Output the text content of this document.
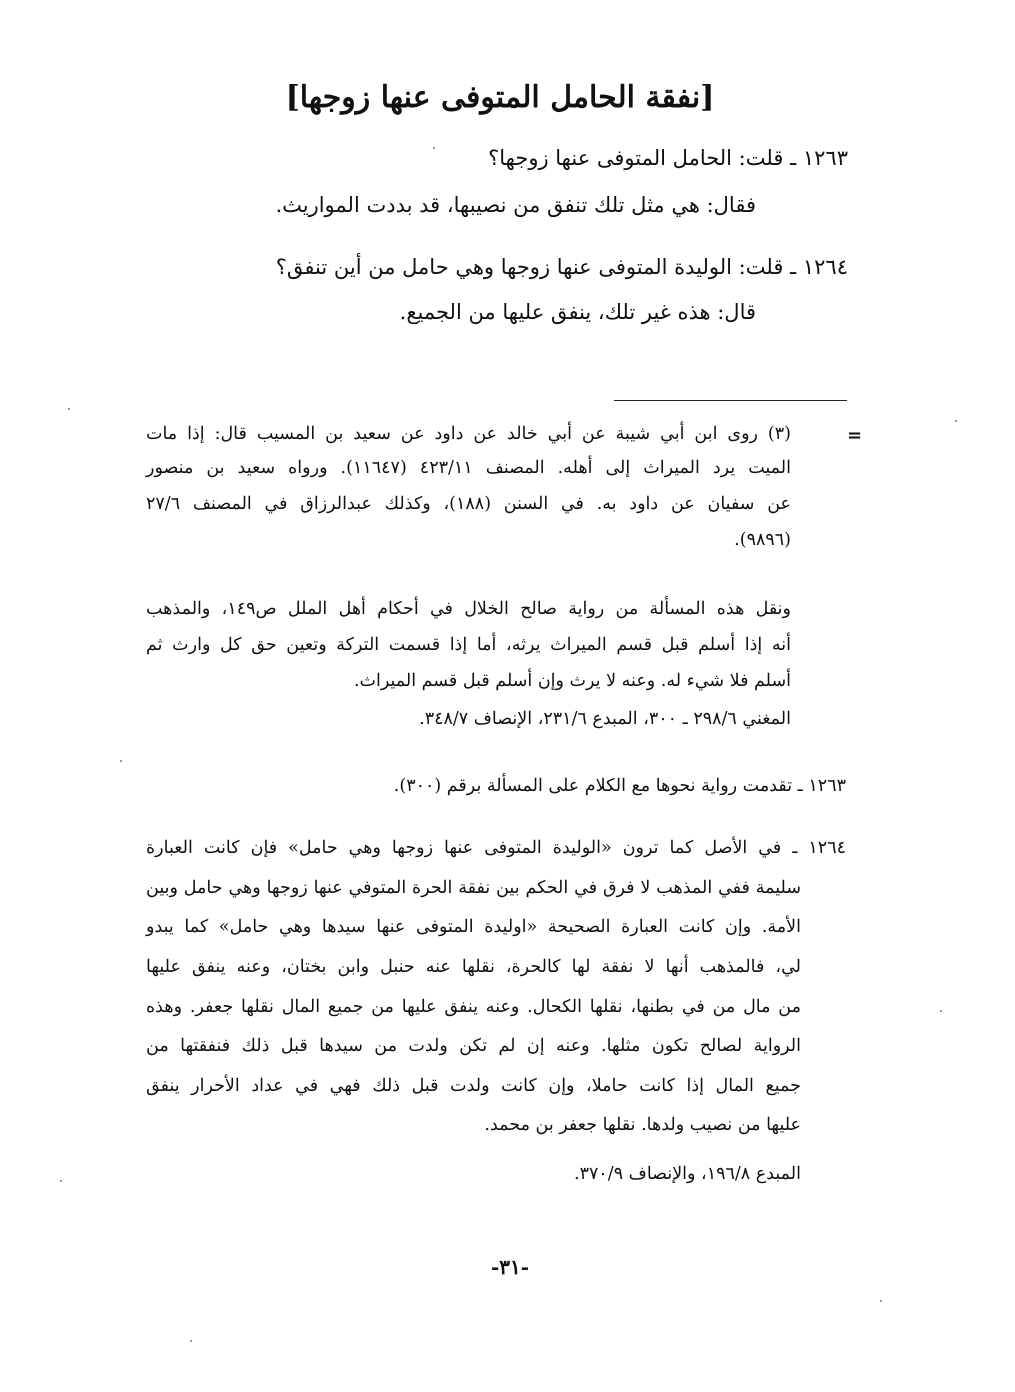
[نفقة الحامل المتوفى عنها زوجها]
١٢٦٣ ـ قلت: الحامل المتوفى عنها زوجها؟
فقال: هي مثل تلك تنفق من نصيبها، قد بددت المواريث.
١٢٦٤ ـ قلت: الوليدة المتوفى عنها زوجها وهي حامل من أين تنفق؟
قال: هذه غير تلك، ينفق عليها من الجميع.
=
(٣) روى ابن أبي شيبة عن أبي خالد عن داود عن سعيد بن المسيب قال: إذا مات
الميت يرد الميراث إلى أهله. المصنف ٤٢٣/١١ (١١٦٤٧). ورواه سعيد بن منصور
عن سفيان عن داود به. في السنن (١٨٨)، وكذلك عبدالرزاق في المصنف ٢٧/٦
(٩٨٩٦).
ونقل هذه المسألة من رواية صالح الخلال في أحكام أهل الملل ص١٤٩، والمذهب
أنه إذا أسلم قبل قسم الميراث يرثه، أما إذا قسمت التركة وتعين حق كل وارث ثم
أسلم فلا شيء له. وعنه لا يرث وإن أسلم قبل قسم الميراث.
المغني ٢٩٨/٦ ـ ٣٠٠، المبدع ٢٣١/٦، الإنصاف ٣٤٨/٧.
١٢٦٣ ـ تقدمت رواية نحوها مع الكلام على المسألة برقم (٣٠٠).
١٢٦٤ ـ في الأصل كما ترون «الوليدة المتوفى عنها زوجها وهي حامل» فإن كانت العبارة
سليمة ففي المذهب لا فرق في الحكم بين نفقة الحرة المتوفي عنها زوجها وهي حامل وبين
الأمة. وإن كانت العبارة الصحيحة «اوليدة المتوفى عنها سيدها وهي حامل» كما يبدو
لي، فالمذهب أنها لا نفقة لها كالحرة، نقلها عنه حنبل وابن بختان، وعنه ينفق عليها
من مال من في بطنها، نقلها الكحال. وعنه ينفق عليها من جميع المال نقلها جعفر. وهذه
الرواية لصالح تكون مثلها. وعنه إن لم تكن ولدت من سيدها قبل ذلك فنفقتها من
جميع المال إذا كانت حاملا، وإن كانت ولدت قبل ذلك فهي في عداد الأحرار ينفق
عليها من نصيب ولدها. نقلها جعفر بن محمد.
المبدع ١٩٦/٨، والإنصاف ٣٧٠/٩.
-٣١-
